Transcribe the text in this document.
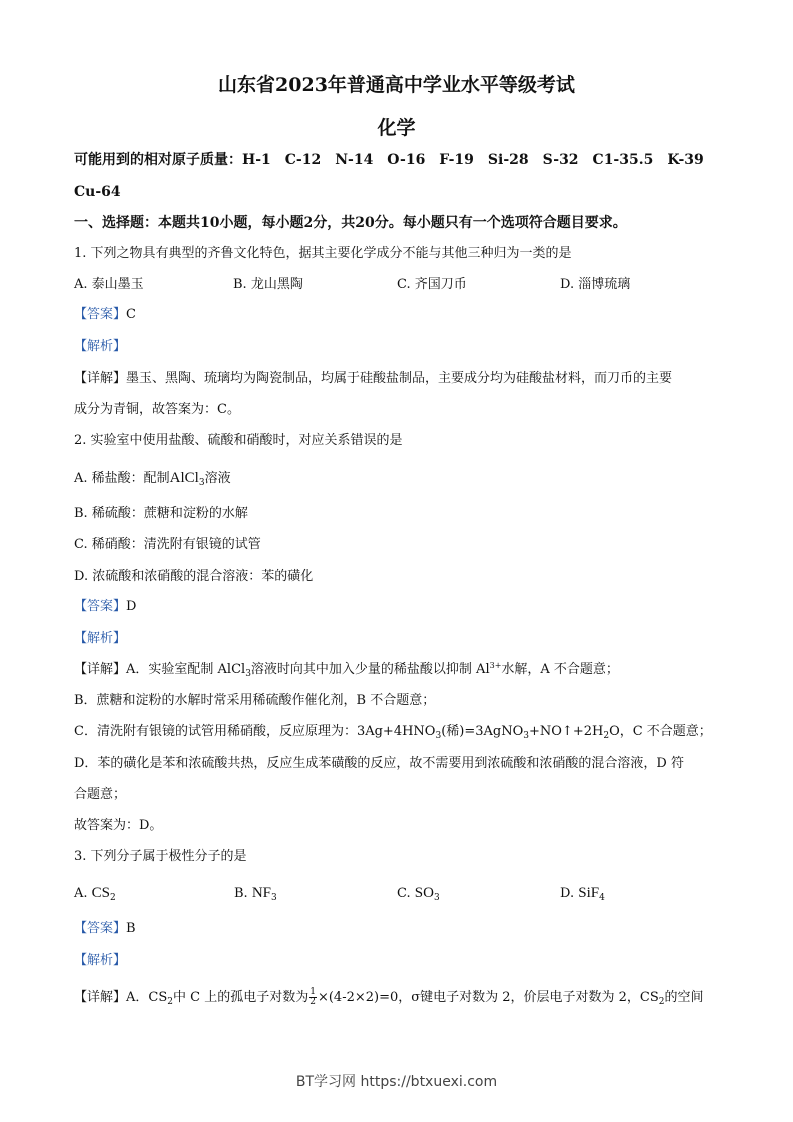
山东省2023年普通高中学业水平等级考试
化学
可能用到的相对原子质量：H-1　C-12　N-14　O-16　F-19　Si-28　S-32　C1-35.5　K-39
Cu-64
一、选择题：本题共10小题，每小题2分，共20分。每小题只有一个选项符合题目要求。
1. 下列之物具有典型的齐鲁文化特色，据其主要化学成分不能与其他三种归为一类的是
A. 泰山墨玉	B. 龙山黑陶	C. 齐国刀币	D. 淄博琉璃
【答案】C
【解析】
【详解】墨玉、黑陶、琉璃均为陶瓷制品，均属于硅酸盐制品，主要成分均为硅酸盐材料，而刀币的主要
成分为青铜，故答案为：C。
2. 实验室中使用盐酸、硫酸和硝酸时，对应关系错误的是
A. 稀盐酸：配制AlCl$_3$溶液
B. 稀硫酸：蔗糖和淀粉的水解
C. 稀硝酸：清洗附有银镜的试管
D. 浓硫酸和浓硝酸的混合溶液：苯的磺化
【答案】D
【解析】
【详解】A．实验室配制 AlCl$_3$溶液时向其中加入少量的稀盐酸以抑制 $Al^{3+}$水解，A 不合题意；
B．蔗糖和淀粉的水解时常采用稀硫酸作催化剂，B 不合题意；
C．清洗附有银镜的试管用稀硝酸，反应原理为：$3Ag+4HNO_3$(稀)$=3AgNO_3+NO↑+2H_2O$，C 不合题意；
D．苯的磺化是苯和浓硫酸共热，反应生成苯磺酸的反应，故不需要用到浓硫酸和浓硝酸的混合溶液，D 符
合题意；
故答案为：D。
3. 下列分子属于极性分子的是
A. $CS_2$	B. $NF_3$	C. $SO_3$	D. SiF$_4$
【答案】B
【解析】
【详解】A．$CS_2$中 C 上的孤电子对数为 $\frac{1}{2} \times(4-2\times 2)=0$，σ键电子对数为 2，价层电子对数为 2，$CS_2$的空间
BT学习网 https://btxuexi.com
